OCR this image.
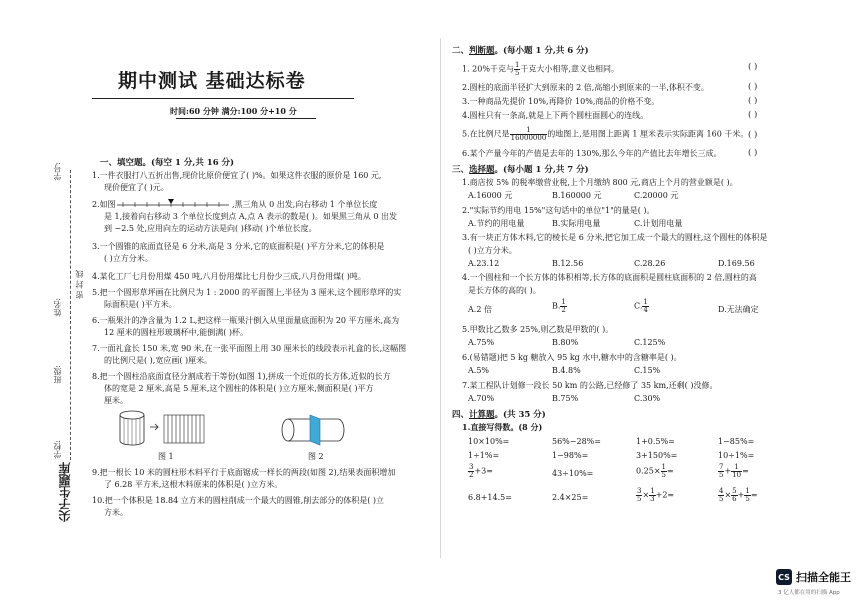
学号:
姓名:
班级:
学校:
密 封 线
尖子生题库
期中测试 基础达标卷
时间:60 分钟 满分:100 分+10 分
一、填空题。(每空 1 分,共 16 分)
1.一件衣服打八五折出售,现价比原价便宜了( )%。如果这件衣服的原价是 160 元,
现价便宜了( )元。
2.如图	,黑三角从 0 出发,向右移动 1 个单位长度
是 1,接着向右移动 3 个单位长度到点 A,点 A 表示的数是( )。如果黑三角从 0 出发
到 −2.5 处,应用向左的运动方法是向( )移动( )个单位长度。
3.一个圆锥的底面直径是 6 分米,高是 3 分米,它的底面积是( )平方分米,它的体积是
( )立方分米。
4.某化工厂七月份用煤 450 吨,八月份用煤比七月份少三成,八月份用煤( )吨。
5.把一个圆形草坪画在比例尺为 1 : 2000 的平面图上,半径为 3 厘米,这个圆形草坪的实
际面积是( )平方米。
6.一瓶果汁的净含量为 1.2 L,把这样一瓶果汁倒入从里面量底面积为 20 平方厘米,高为
12 厘米的圆柱形玻璃杯中,能倒满( )杯。
7.一面礼盒长 150 米,宽 90 米,在一张平面图上用 30 厘米长的线段表示礼盒的长,这幅图
的比例尺是( ),宽应画( )厘米。
8.把一个圆柱沿底面直径分割成若干等份(如图 1),拼成一个近似的长方体,近似的长方
体的宽是 2 厘米,高是 5 厘米,这个圆柱的体积是( )立方厘米,侧面积是( )平方
厘米。
图 1	图 2
9.把一根长 10 米的圆柱形木料平行于底面锯成一样长的两段(如图 2),结果表面积增加
了 6.28 平方米,这根木料原来的体积是( )立方米。
10.把一个体积是 18.84 立方米的圆柱削成一个最大的圆锥,削去部分的体积是( )立
方米。
二、判断题。(每小题 1 分,共 6 分)
1. 20%千克与 $\frac{1}{5}$ 千克大小相等,意义也相同。	( )
2.圆柱的底面半径扩大到原来的 2 倍,高缩小到原来的一半,体积不变。	( )
3.一种商品先提价 10%,再降价 10%,商品的价格不变。	( )
4.圆柱只有一条高,就是上下两个圆柱面圆心的连线。	( )
5.在比例尺是 $\frac{1}{16000000}$ 的地图上,是用图上距离 1 厘米表示实际距离 160 千米。 ( )
6.某个产量今年的产值是去年的 130%,那么今年的产值比去年增长三成。	( )
三、选择题。(每小题 1 分,共 7 分)
1.商店按 5% 的税率缴营业税,上个月缴纳 800 元,商店上个月的营业额是( )。
A.16000 元	B.160000 元	C.20000 元
2."实际节约用电 15%"这句话中的单位"1"的量是( )。
A.节约的用电量	B.实际用电量	C.计划用电量
3.有一块正方体木料,它的棱长是 6 分米,把它加工成一个最大的圆柱,这个圆柱的体积是
( )立方分米。
A.23.12	B.12.56	C.28.26	D.169.56
4.一个圆柱和一个长方体的体积相等,长方体的底面积是圆柱底面积的 2 倍,圆柱的高
是长方体的高的( )。
A.2 倍	B. $\frac{1}{2}$	C. $\frac{1}{4}$	D.无法确定
5.甲数比乙数多 25%,则乙数是甲数的( )。
A.75%	B.80%	C.125%
6.(易错题)把 5 kg 糖放入 95 kg 水中,糖水中的含糖率是( )。
A.5%	B.4.8%	C.15%
7.某工程队计划修一段长 50 km 的公路,已经修了 35 km,还剩( )没修。
A.70%	B.75%	C.30%
四、计算题。(共 35 分)
1.直接写得数。(8 分)
10×10%=	56%−28%=	1+0.5%=	1−85%=
1÷1%=	1−98%=	3+150%=	10÷1%=
$\frac{3}{2} +3=$	43÷10%=	$0.25\times \frac{1}{5}$ =	$\frac{7}{5} + \frac{1}{10}$ =
6.8+14.5=	2.4×25=	$\frac{3}{5} \times \frac{1}{3} +2=$	$\frac{4}{5} \times \frac{5}{6} + \frac{1}{5}$ =
CS 扫描全能王
3 亿人都在用的扫描 App
